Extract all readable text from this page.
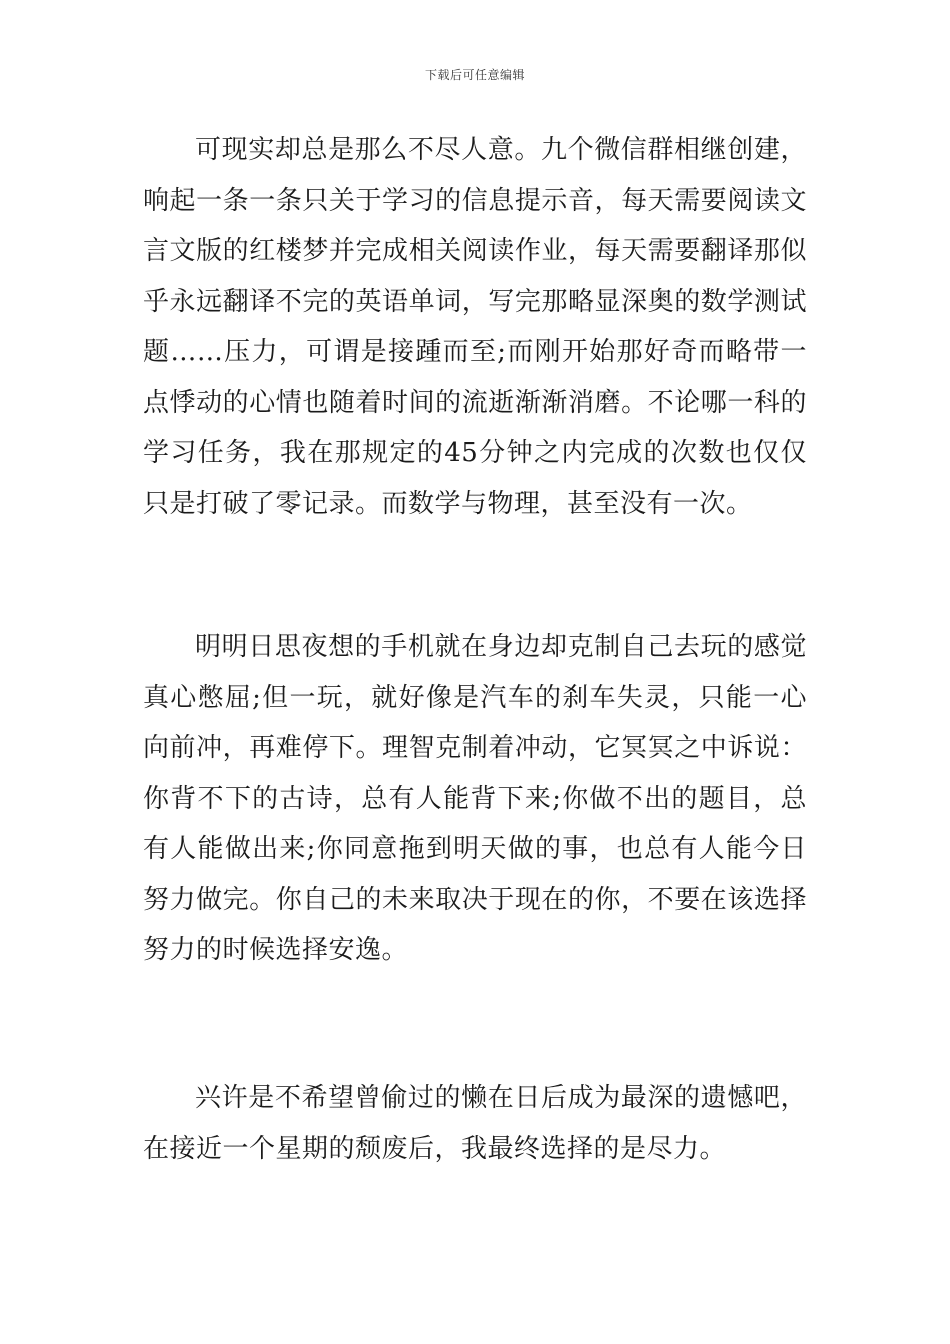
下载后可任意编辑

可现实却总是那么不尽人意。九个微信群相继创建，响起一条一条只关于学习的信息提示音，每天需要阅读文言文版的红楼梦并完成相关阅读作业，每天需要翻译那似乎永远翻译不完的英语单词，写完那略显深奥的数学测试题……压力，可谓是接踵而至;而刚开始那好奇而略带一点悸动的心情也随着时间的流逝渐渐消磨。不论哪一科的学习任务，我在那规定的45分钟之内完成的次数也仅仅只是打破了零记录。而数学与物理，甚至没有一次。

明明日思夜想的手机就在身边却克制自己去玩的感觉真心憋屈;但一玩，就好像是汽车的刹车失灵，只能一心向前冲，再难停下。理智克制着冲动，它冥冥之中诉说：你背不下的古诗，总有人能背下来;你做不出的题目，总有人能做出来;你同意拖到明天做的事，也总有人能今日努力做完。你自己的未来取决于现在的你，不要在该选择努力的时候选择安逸。

兴许是不希望曾偷过的懒在日后成为最深的遗憾吧，在接近一个星期的颓废后，我最终选择的是尽力。
